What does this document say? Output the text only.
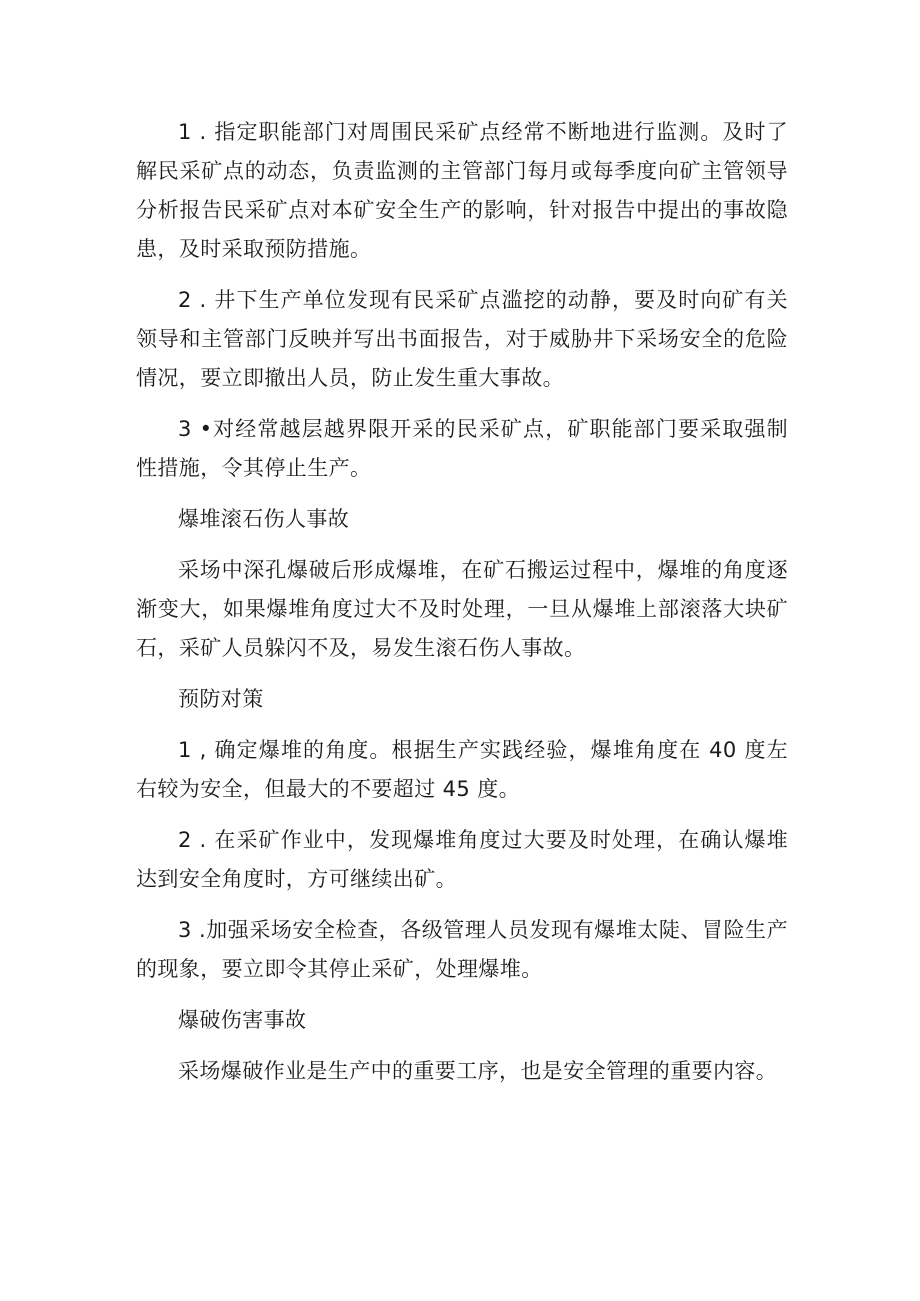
1 . 指定职能部门对周围民采矿点经常不断地进行监测。及时了解民采矿点的动态，负责监测的主管部门每月或每季度向矿主管领导分析报告民采矿点对本矿安全生产的影响，针对报告中提出的事故隐患，及时采取预防措施。

2 . 井下生产单位发现有民采矿点滥挖的动静，要及时向矿有关领导和主管部门反映并写出书面报告，对于威胁井下采场安全的危险情况，要立即撤出人员，防止发生重大事故。

3 •对经常越层越界限开采的民采矿点，矿职能部门要采取强制性措施，令其停止生产。

爆堆滚石伤人事故

采场中深孔爆破后形成爆堆，在矿石搬运过程中，爆堆的角度逐渐变大，如果爆堆角度过大不及时处理，一旦从爆堆上部滚落大块矿石，采矿人员躲闪不及，易发生滚石伤人事故。

预防对策

1 , 确定爆堆的角度。根据生产实践经验，爆堆角度在 40 度左右较为安全，但最大的不要超过 45 度。

2 . 在采矿作业中，发现爆堆角度过大要及时处理，在确认爆堆达到安全角度时，方可继续出矿。

3 .加强采场安全检查，各级管理人员发现有爆堆太陡、冒险生产的现象，要立即令其停止采矿，处理爆堆。

爆破伤害事故

采场爆破作业是生产中的重要工序，也是安全管理的重要内容。
